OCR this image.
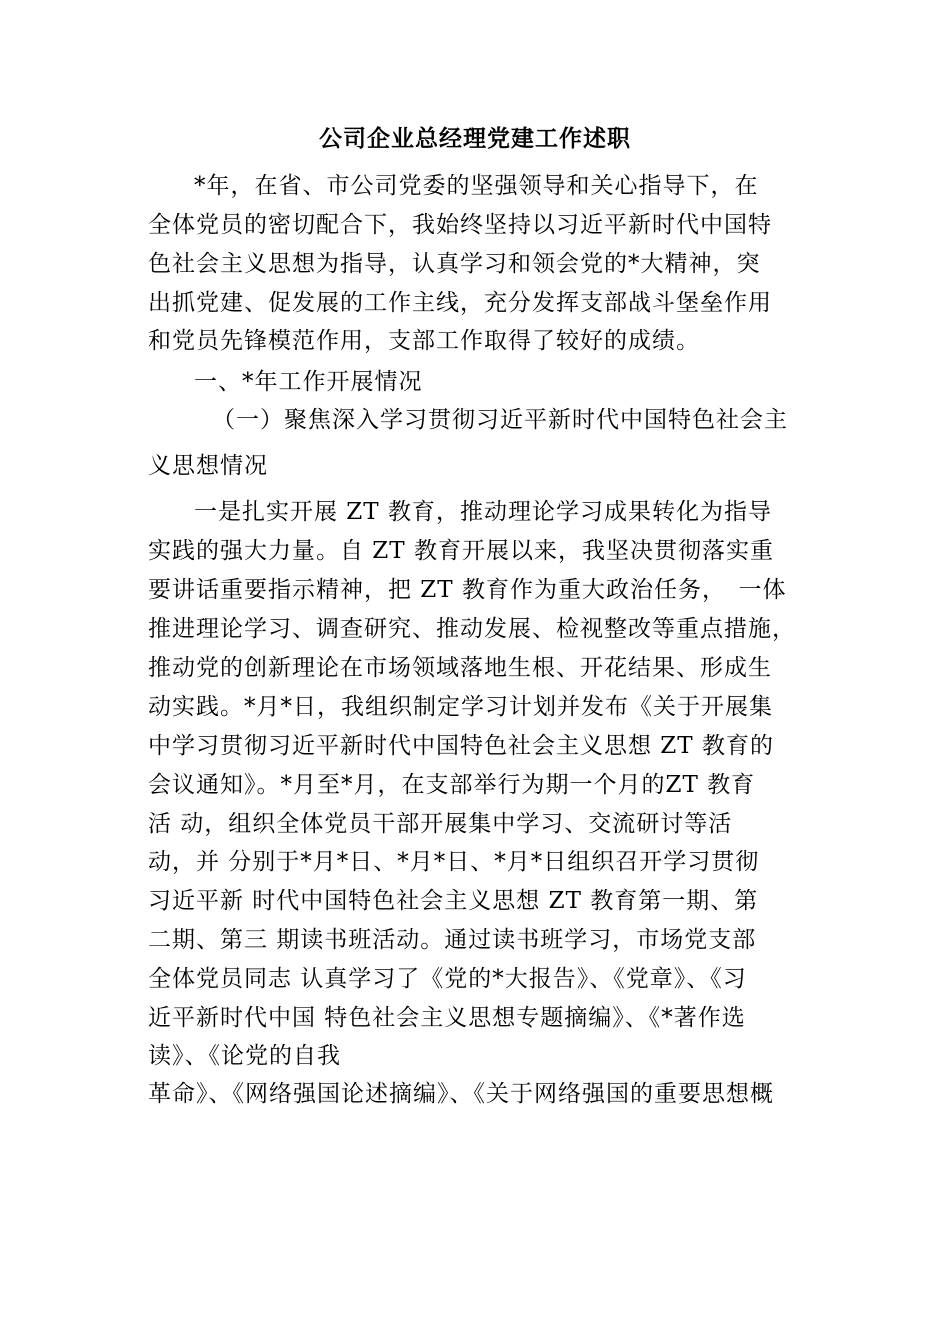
公司企业总经理党建工作述职
*年，在省、市公司党委的坚强领导和关心指导下，在
全体党员的密切配合下，我始终坚持以习近平新时代中国特
色社会主义思想为指导，认真学习和领会党的*大精神，突
出抓党建、促发展的工作主线，充分发挥支部战斗堡垒作用
和党员先锋模范作用，支部工作取得了较好的成绩。
一、*年工作开展情况
（一）聚焦深入学习贯彻习近平新时代中国特色社会主
义思想情况
一是扎实开展 ZT 教育，推动理论学习成果转化为指导
实践的强大力量。自 ZT 教育开展以来，我坚决贯彻落实重
要讲话重要指示精神，把 ZT 教育作为重大政治任务，　一体
推进理论学习、调查研究、推动发展、检视整改等重点措施，
推动党的创新理论在市场领域落地生根、开花结果、形成生
动实践。*月*日，我组织制定学习计划并发布《关于开展集
中学习贯彻习近平新时代中国特色社会主义思想 ZT 教育的
会议通知》。*月至*月，在支部举行为期一个月的ZT 教育
活 动，组织全体党员干部开展集中学习、交流研讨等活
动，并 分别于*月*日、*月*日、*月*日组织召开学习贯彻
习近平新 时代中国特色社会主义思想 ZT 教育第一期、第
二期、第三 期读书班活动。通过读书班学习，市场党支部
全体党员同志 认真学习了《党的*大报告》、《党章》、《习
近平新时代中国 特色社会主义思想专题摘编》、《*著作选
读》、《论党的自我
革命》、《网络强国论述摘编》、《关于网络强国的重要思想概
